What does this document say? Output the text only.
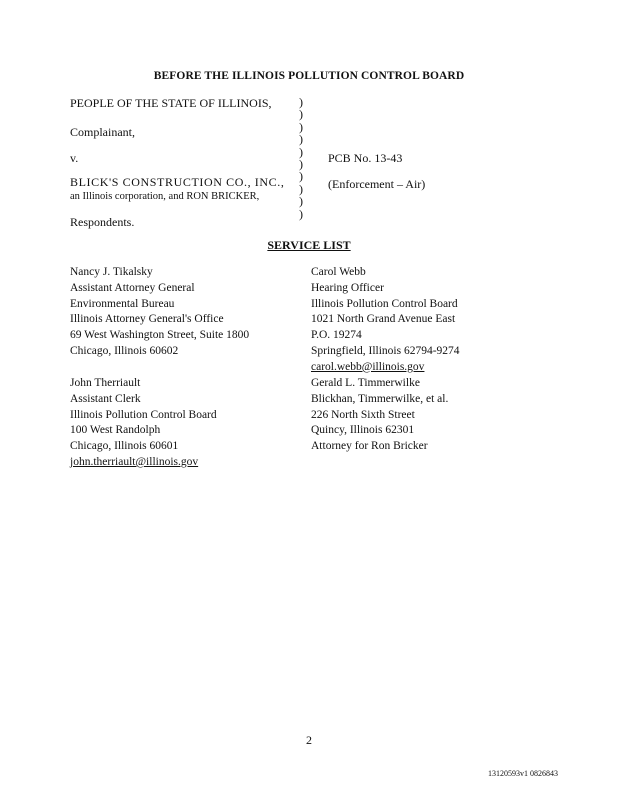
BEFORE THE ILLINOIS POLLUTION CONTROL BOARD
PEOPLE OF THE STATE OF ILLINOIS,
Complainant,
v.
BLICK'S CONSTRUCTION CO., INC.,
an Illinois corporation, and RON BRICKER,
Respondents.
)
)
)
)
)
)
)
)
)
)
PCB No. 13-43
(Enforcement – Air)
SERVICE LIST
Nancy J. Tikalsky
Assistant Attorney General
Environmental Bureau
Illinois Attorney General's Office
69 West Washington Street, Suite 1800
Chicago, Illinois 60602
Carol Webb
Hearing Officer
Illinois Pollution Control Board
1021 North Grand Avenue East
P.O. 19274
Springfield, Illinois 62794-9274
carol.webb@illinois.gov
John Therriault
Assistant Clerk
Illinois Pollution Control Board
100 West Randolph
Chicago, Illinois 60601
john.therriault@illinois.gov
Gerald L. Timmerwilke
Blickhan, Timmerwilke, et al.
226 North Sixth Street
Quincy, Illinois 62301
Attorney for Ron Bricker
2
13120593v1 0826843
